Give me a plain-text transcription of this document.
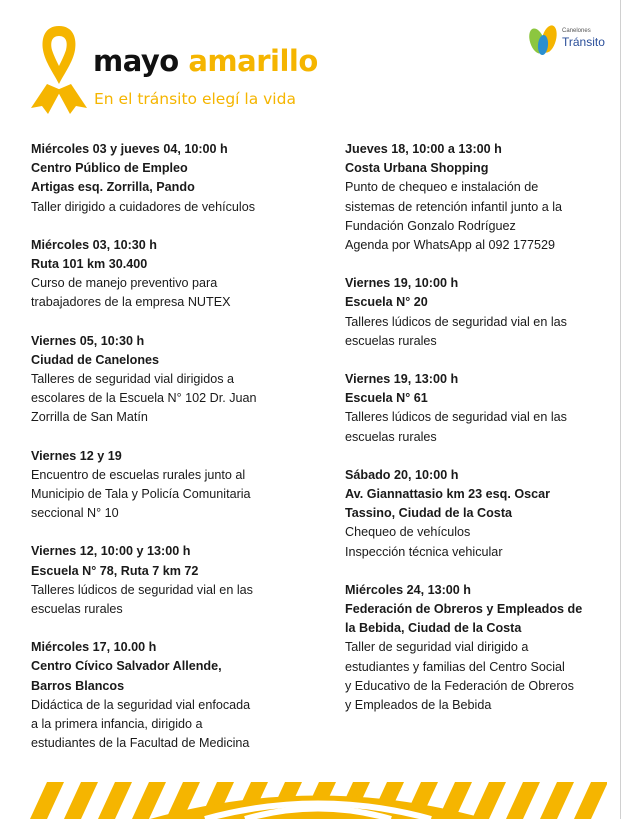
mayo amarillo
En el tránsito elegí la vida
Canelones
Tránsito
Miércoles 03 y jueves 04, 10:00 h
Centro Público de Empleo
Artigas esq. Zorrilla, Pando
Taller dirigido a cuidadores de vehículos
Miércoles 03, 10:30 h
Ruta 101 km 30.400
Curso de manejo preventivo para
trabajadores de la empresa NUTEX
Viernes 05, 10:30 h
Ciudad de Canelones
Talleres de seguridad vial dirigidos a
escolares de la Escuela N° 102 Dr. Juan
Zorrilla de San Matín
Viernes 12 y 19
Encuentro de escuelas rurales junto al
Municipio de Tala y Policía Comunitaria
seccional N° 10
Viernes 12, 10:00 y 13:00 h
Escuela N° 78, Ruta 7 km 72
Talleres lúdicos de seguridad vial en las
escuelas rurales
Miércoles 17, 10.00 h
Centro Cívico Salvador Allende,
Barros Blancos
Didáctica de la seguridad vial enfocada
a la primera infancia, dirigido a
estudiantes de la Facultad de Medicina
Jueves 18, 10:00 a 13:00 h
Costa Urbana Shopping
Punto de chequeo e instalación de
sistemas de retención infantil junto a la
Fundación Gonzalo Rodríguez
Agenda por WhatsApp al 092 177529
Viernes 19, 10:00 h
Escuela N° 20
Talleres lúdicos de seguridad vial en las
escuelas rurales
Viernes 19, 13:00 h
Escuela N° 61
Talleres lúdicos de seguridad vial en las
escuelas rurales
Sábado 20, 10:00 h
Av. Giannattasio km 23 esq. Oscar
Tassino, Ciudad de la Costa
Chequeo de vehículos
Inspección técnica vehicular
Miércoles 24, 13:00 h
Federación de Obreros y Empleados de
la Bebida, Ciudad de la Costa
Taller de seguridad vial dirigido a
estudiantes y familias del Centro Social
y Educativo de la Federación de Obreros
y Empleados de la Bebida
